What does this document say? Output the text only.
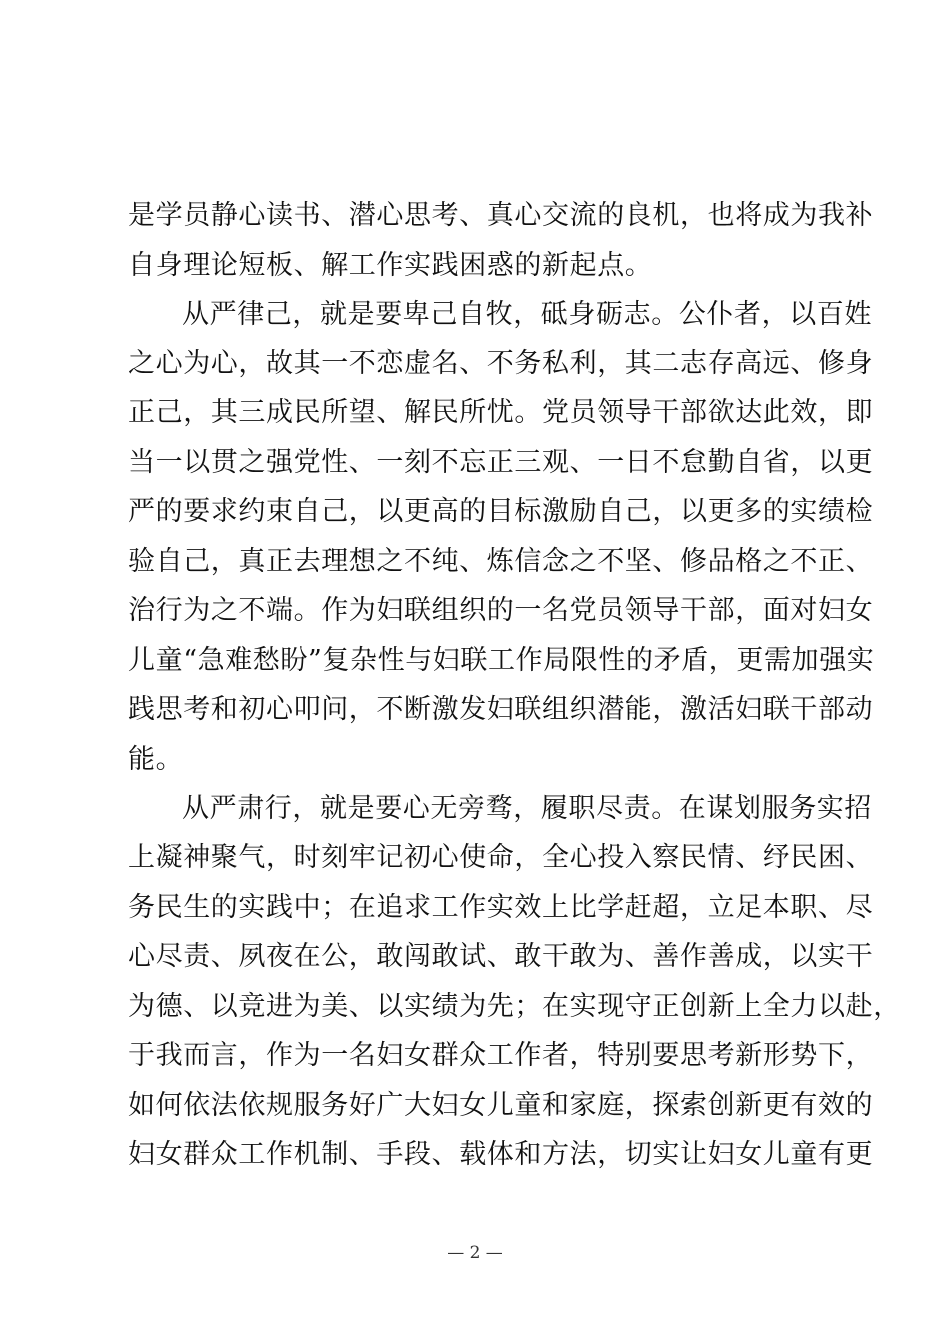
是学员静心读书、潜心思考、真心交流的良机，也将成为我补
自身理论短板、解工作实践困惑的新起点。
从严律己，就是要卑己自牧，砥身砺志。公仆者，以百姓
之心为心，故其一不恋虚名、不务私利，其二志存高远、修身
正己，其三成民所望、解民所忧。党员领导干部欲达此效，即
当一以贯之强党性、一刻不忘正三观、一日不怠勤自省，以更
严的要求约束自己，以更高的目标激励自己，以更多的实绩检
验自己，真正去理想之不纯、炼信念之不坚、修品格之不正、
治行为之不端。作为妇联组织的一名党员领导干部，面对妇女
儿童“急难愁盼”复杂性与妇联工作局限性的矛盾，更需加强实
践思考和初心叩问，不断激发妇联组织潜能，激活妇联干部动
能。
从严肃行，就是要心无旁骛，履职尽责。在谋划服务实招
上凝神聚气，时刻牢记初心使命，全心投入察民情、纾民困、
务民生的实践中；在追求工作实效上比学赶超，立足本职、尽
心尽责、夙夜在公，敢闯敢试、敢干敢为、善作善成，以实干
为德、以竞进为美、以实绩为先；在实现守正创新上全力以赴，
于我而言，作为一名妇女群众工作者，特别要思考新形势下，
如何依法依规服务好广大妇女儿童和家庭，探索创新更有效的
妇女群众工作机制、手段、载体和方法，切实让妇女儿童有更
— 2 —
